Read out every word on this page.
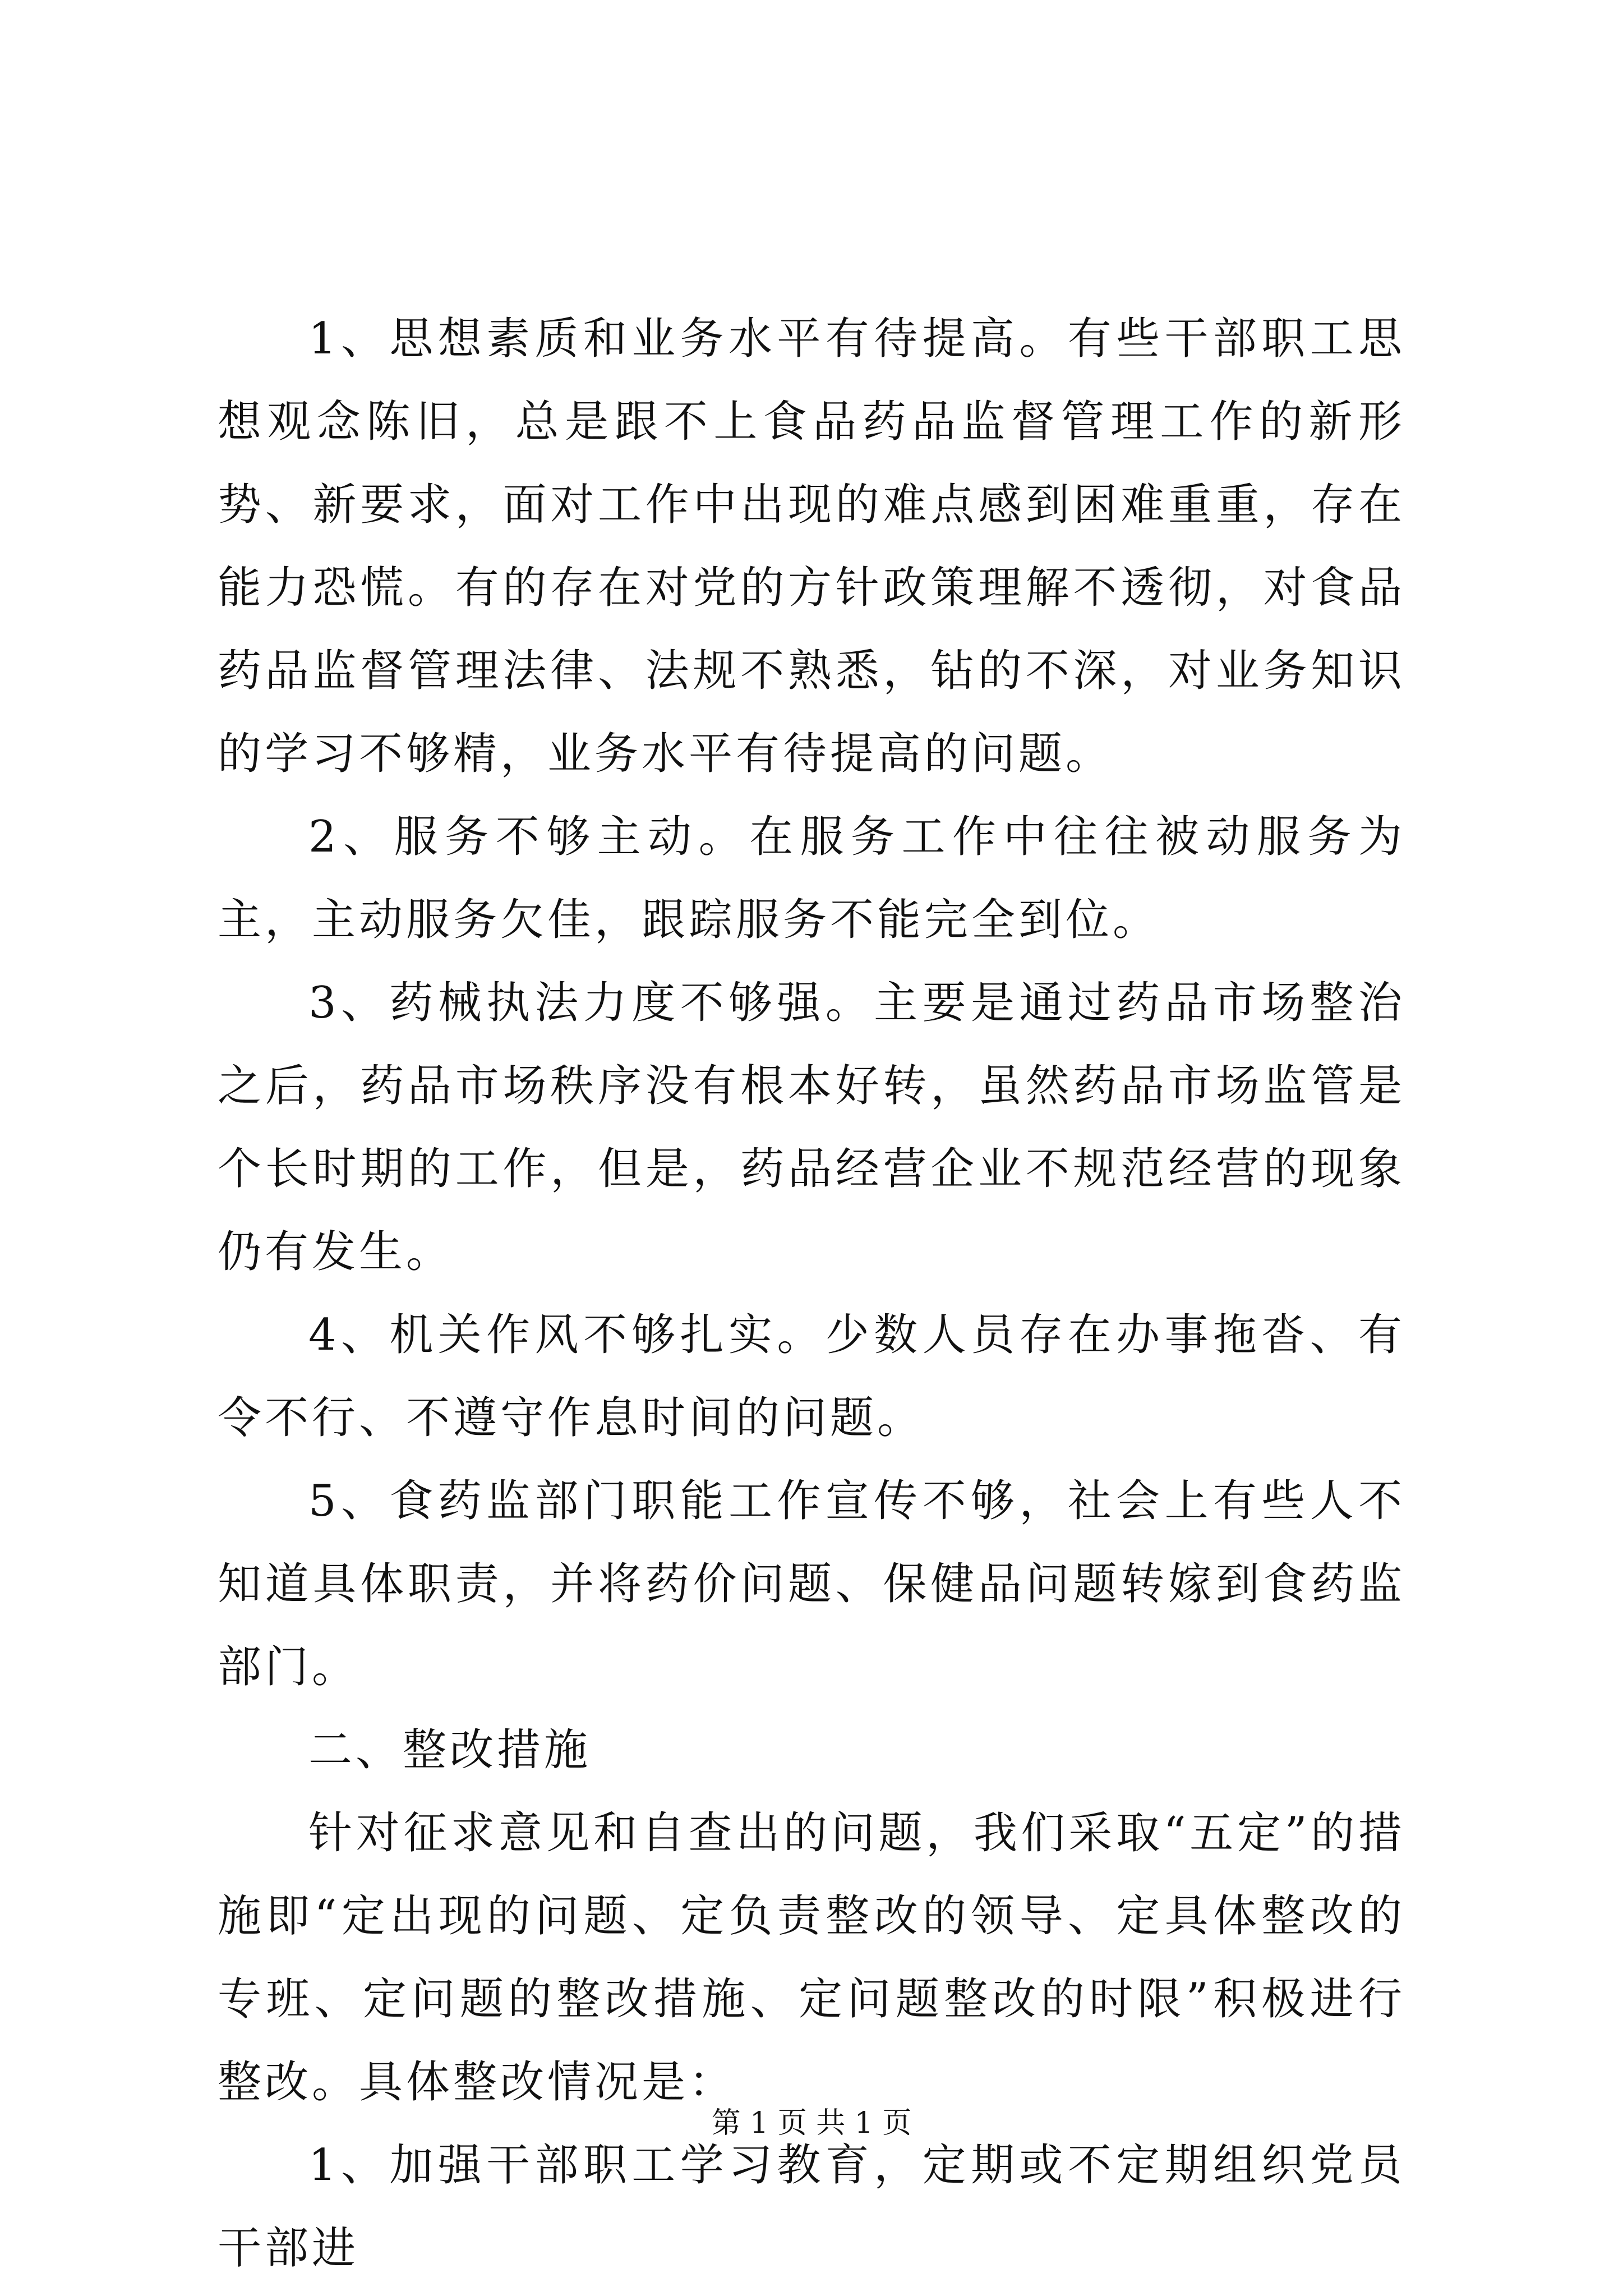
1、思想素质和业务水平有待提高。有些干部职工思想观念陈旧，总是跟不上食品药品监督管理工作的新形势、新要求，面对工作中出现的难点感到困难重重，存在能力恐慌。有的存在对党的方针政策理解不透彻，对食品药品监督管理法律、法规不熟悉，钻的不深，对业务知识的学习不够精，业务水平有待提高的问题。

2、服务不够主动。在服务工作中往往被动服务为主，主动服务欠佳，跟踪服务不能完全到位。

3、药械执法力度不够强。主要是通过药品市场整治之后，药品市场秩序没有根本好转，虽然药品市场监管是个长时期的工作，但是，药品经营企业不规范经营的现象仍有发生。

4、机关作风不够扎实。少数人员存在办事拖沓、有令不行、不遵守作息时间的问题。

5、食药监部门职能工作宣传不够，社会上有些人不知道具体职责，并将药价问题、保健品问题转嫁到食药监部门。

二、整改措施

针对征求意见和自查出的问题，我们采取“五定”的措施即“定出现的问题、定负责整改的领导、定具体整改的专班、定问题的整改措施、定问题整改的时限”积极进行整改。具体整改情况是：

1、加强干部职工学习教育，定期或不定期组织党员干部进

第 1 页 共 1 页
